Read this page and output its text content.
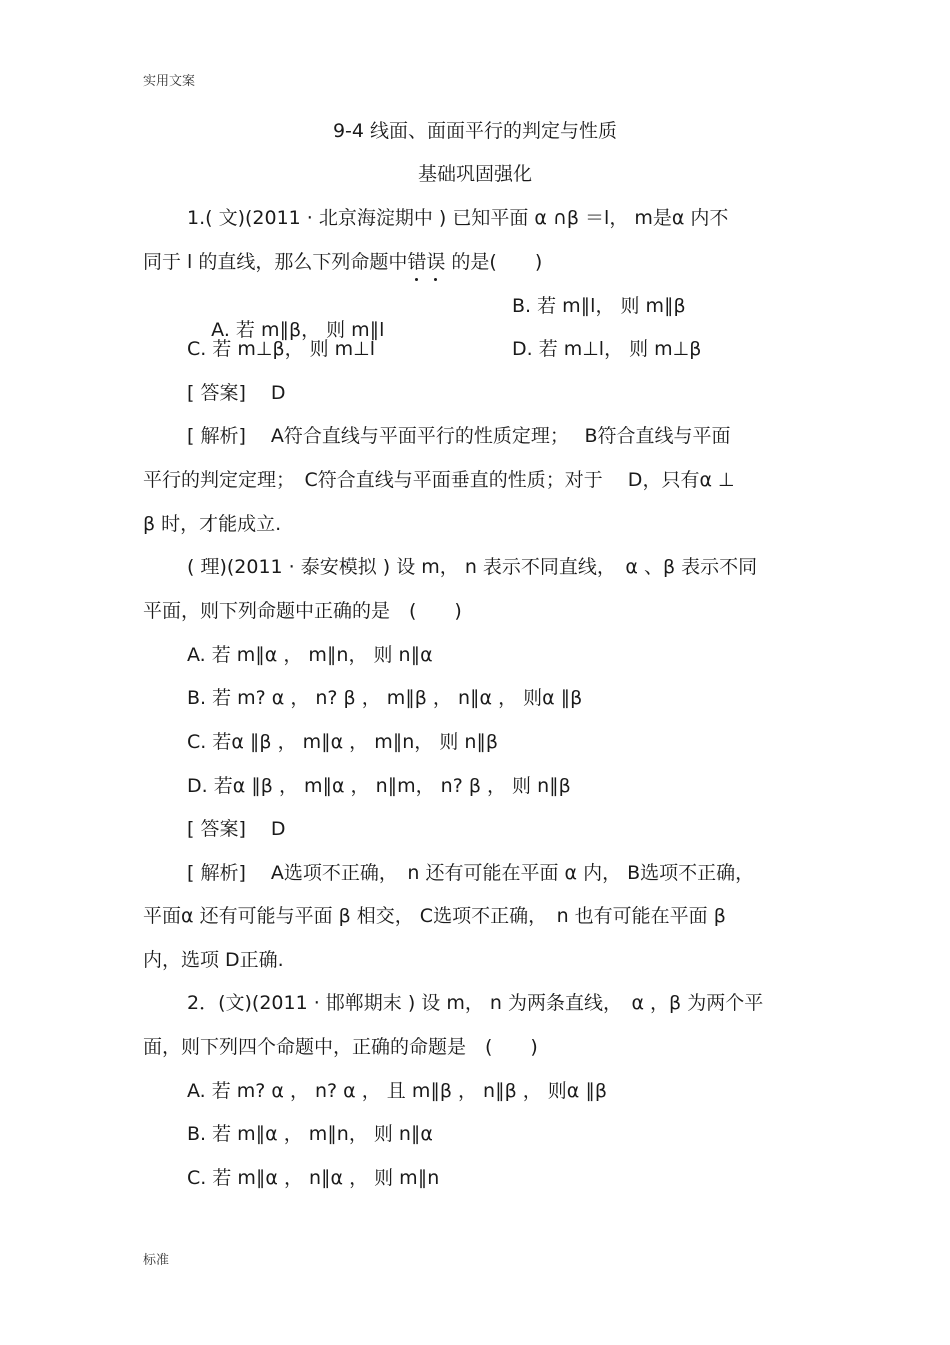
实用文案
9-4 线面、面面平行的判定与性质
基础巩固强化
1.( 文)(2011 · 北京海淀期中 ) 已知平面 α ∩β ＝l， m是α 内不
同于 l 的直线，那么下列命题中错误 的是(　　)

A. 若 m∥β， 则 m∥l

B. 若 m∥l， 则 m∥β
C. 若 m⊥β， 则 m⊥l	D. 若 m⊥l， 则 m⊥β
[ 答案]　 D
[ 解析]　 A符合直线与平面平行的性质定理；　 B符合直线与平面
平行的判定定理；　C符合直线与平面垂直的性质；对于　 D，只有α ⊥
β 时，才能成立.
( 理)(2011 · 泰安模拟 ) 设 m， n 表示不同直线，　α 、β 表示不同
平面，则下列命题中正确的是　(　　)
A. 若 m∥α ， m∥n， 则 n∥α
B. 若 m? α ， n? β ， m∥β ， n∥α ， 则α ∥β
C. 若α ∥β ， m∥α ， m∥n， 则 n∥β
D. 若α ∥β ， m∥α ， n∥m， n? β ， 则 n∥β
[ 答案]　 D
[ 解析]　 A选项不正确，　n 还有可能在平面 α 内， B选项不正确，
平面α 还有可能与平面 β 相交， C选项不正确，　n 也有可能在平面 β
内，选项 D正确.
2．(文)(2011 · 邯郸期末 ) 设 m， n 为两条直线，　α ，β 为两个平
面，则下列四个命题中，正确的命题是　(　　)
A. 若 m? α ， n? α ， 且 m∥β ， n∥β ， 则α ∥β
B. 若 m∥α ， m∥n， 则 n∥α
C. 若 m∥α ， n∥α ， 则 m∥n
标准
